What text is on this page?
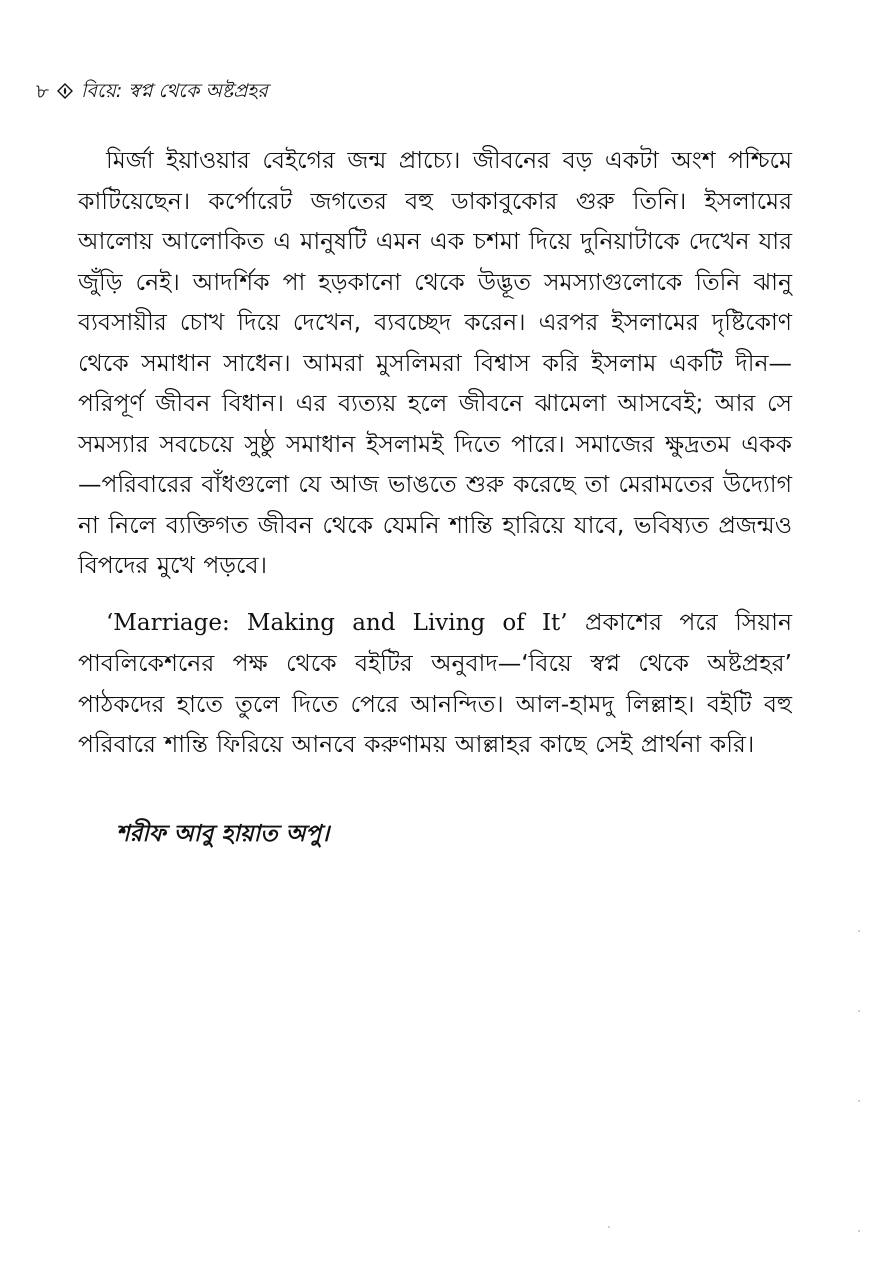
৮ বিয়ে: স্বপ্ন থেকে অষ্টপ্রহর

মির্জা ইয়াওয়ার বেইগের জন্ম প্রাচ্যে। জীবনের বড় একটা অংশ পশ্চিমে কাটিয়েছেন। কর্পোরেট জগতের বহু ডাকাবুকোর গুরু তিনি। ইসলামের আলোয় আলোকিত এ মানুষটি এমন এক চশমা দিয়ে দুনিয়াটাকে দেখেন যার জুঁড়ি নেই। আদর্শিক পা হড়কানো থেকে উদ্ভূত সমস্যাগুলোকে তিনি ঝানু ব্যবসায়ীর চোখ দিয়ে দেখেন, ব্যবচ্ছেদ করেন। এরপর ইসলামের দৃষ্টিকোণ থেকে সমাধান সাধেন। আমরা মুসলিমরা বিশ্বাস করি ইসলাম একটি দীন—পরিপূর্ণ জীবন বিধান। এর ব্যত্যয় হলে জীবনে ঝামেলা আসবেই; আর সে সমস্যার সবচেয়ে সুষ্ঠু সমাধান ইসলামই দিতে পারে। সমাজের ক্ষুদ্রতম একক—পরিবারের বাঁধগুলো যে আজ ভাঙতে শুরু করেছে তা মেরামতের উদ্যোগ না নিলে ব্যক্তিগত জীবন থেকে যেমনি শান্তি হারিয়ে যাবে, ভবিষ্যত প্রজন্মও বিপদের মুখে পড়বে।

‘Marriage: Making and Living of It’ প্রকাশের পরে সিয়ান পাবলিকেশনের পক্ষ থেকে বইটির অনুবাদ—‘বিয়ে স্বপ্ন থেকে অষ্টপ্রহর’ পাঠকদের হাতে তুলে দিতে পেরে আনন্দিত। আল-হামদু লিল্লাহ। বইটি বহু পরিবারে শান্তি ফিরিয়ে আনবে করুণাময় আল্লাহর কাছে সেই প্রার্থনা করি।

শরীফ আবু হায়াত অপু।
